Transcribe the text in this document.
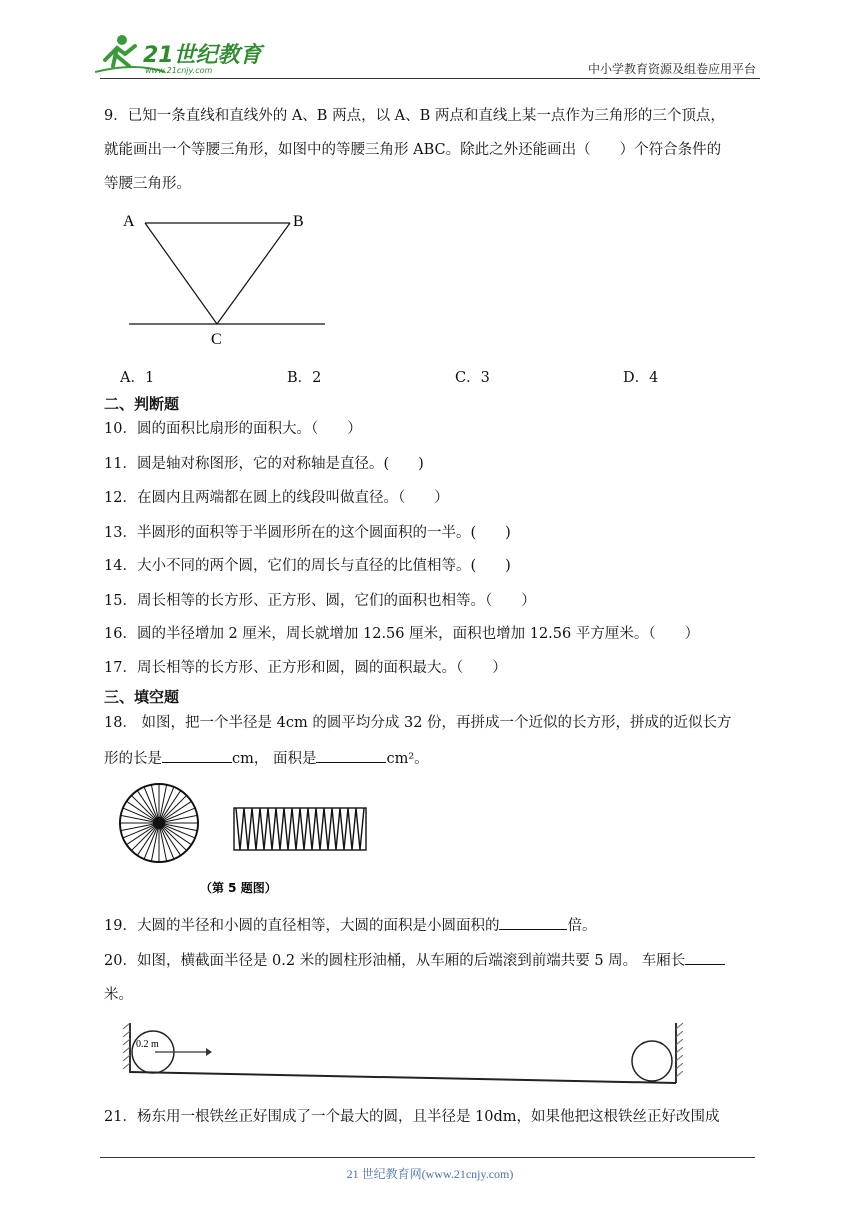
21世纪教育
www.21cnjy.com	中小学教育资源及组卷应用平台
9．已知一条直线和直线外的 A、B 两点，以 A、B 两点和直线上某一点作为三角形的三个顶点，
就能画出一个等腰三角形，如图中的等腰三角形 ABC。除此之外还能画出（　　）个符合条件的
等腰三角形。
A	B
C
A．1	B．2	C．3	D．4
二、判断题
10．圆的面积比扇形的面积大。（　　）
11．圆是轴对称图形，它的对称轴是直径。(　　)
12．在圆内且两端都在圆上的线段叫做直径。（　　）
13．半圆形的面积等于半圆形所在的这个圆面积的一半。(　　)
14．大小不同的两个圆，它们的周长与直径的比值相等。(　　)
15．周长相等的长方形、正方形、圆，它们的面积也相等。（　　）
16．圆的半径增加 2 厘米，周长就增加 12.56 厘米，面积也增加 12.56 平方厘米。（　　）
17．周长相等的长方形、正方形和圆，圆的面积最大。（　　）
三、填空题
18． 如图，把一个半径是 4cm 的圆平均分成 32 份，再拼成一个近似的长方形，拼成的近似长方
形的长是	cm， 面积是	cm²。
（第 5 题图）
19．大圆的半径和小圆的直径相等，大圆的面积是小圆面积的	倍。
20．如图，横截面半径是 0.2 米的圆柱形油桶，从车厢的后端滚到前端共要 5 周。 车厢长
米。
0.2 m
21．杨东用一根铁丝正好围成了一个最大的圆，且半径是 10dm，如果他把这根铁丝正好改围成
21 世纪教育网(www.21cnjy.com)
